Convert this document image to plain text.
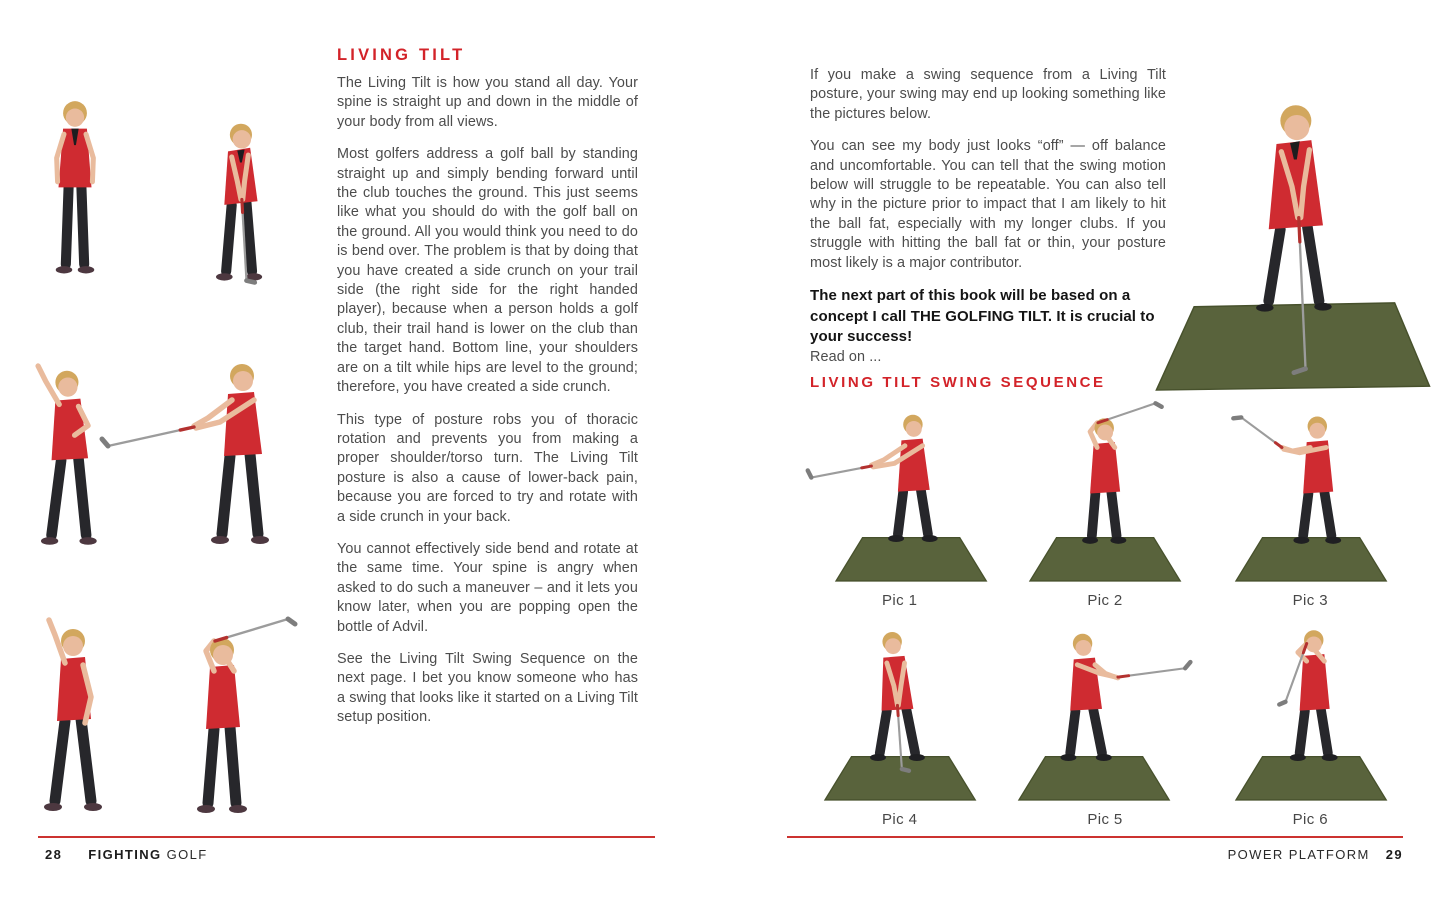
LIVING TILT

The Living Tilt is how you stand all day. Your spine is straight up and down in the middle of your body from all views.

Most golfers address a golf ball by standing straight up and simply bending forward until the club touches the ground. This just seems like what you should do with the golf ball on the ground. All you would think you need to do is bend over. The problem is that by doing that you have created a side crunch on your trail side (the right side for the right handed player), because when a person holds a golf club, their trail hand is lower on the club than the target hand. Bottom line, your shoulders are on a tilt while hips are level to the ground; therefore, you have created a side crunch.

This type of posture robs you of thoracic rotation and prevents you from making a proper shoulder/torso turn. The Living Tilt posture is also a cause of lower-back pain, because you are forced to try and rotate with a side crunch in your back.

You cannot effectively side bend and rotate at the same time. Your spine is angry when asked to do such a maneuver – and it lets you know later, when you are popping open the bottle of Advil.

See the Living Tilt Swing Sequence on the next page. I bet you know someone who has a swing that looks like it started on a Living Tilt setup position.

28 FIGHTING GOLF

If you make a swing sequence from a Living Tilt posture, your swing may end up looking something like the pictures below.

You can see my body just looks “off” — off balance and uncomfortable. You can tell that the swing motion below will struggle to be repeatable. You can also tell why in the picture prior to impact that I am likely to hit the ball fat, especially with my longer clubs. If you struggle with hitting the ball fat or thin, your posture most likely is a major contributor.

The next part of this book will be based on a concept I call THE GOLFING TILT. It is crucial to your success!

Read on ...

LIVING TILT SWING SEQUENCE
Pic 1	Pic 2	Pic 3
Pic 4	Pic 5	Pic 6
POWER PLATFORM 29
